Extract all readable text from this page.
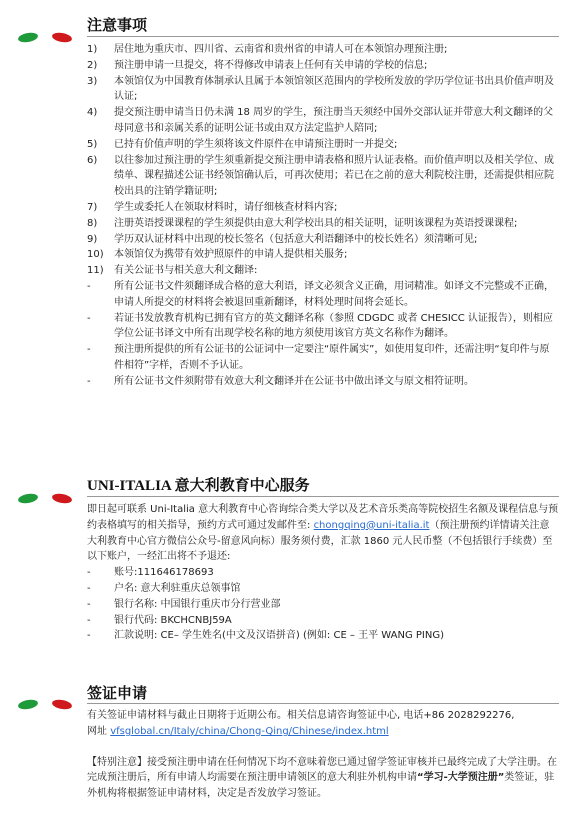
注意事项
1) 居住地为重庆市、四川省、云南省和贵州省的申请人可在本领馆办理预注册;
2) 预注册申请一旦提交，将不得修改申请表上任何有关申请的学校的信息;
3) 本领馆仅为中国教育体制承认且属于本领馆领区范围内的学校所发放的学历学位证书出具价值声明及认证;
4) 提交预注册申请当日仍未满 18 周岁的学生，预注册当天须经中国外交部认证并带意大利文翻译的父母同意书和亲属关系的证明公证书或由双方法定监护人陪同;
5) 已持有价值声明的学生须将该文件原件在申请预注册时一并提交;
6) 以往参加过预注册的学生须重新提交预注册申请表格和照片认证表格。而价值声明以及相关学位、成绩单、课程描述公证书经领馆确认后，可再次使用；若已在之前的意大利院校注册，还需提供相应院校出具的注销学籍证明;
7) 学生或委托人在领取材料时，请仔细核查材料内容;
8) 注册英语授课课程的学生须提供由意大利学校出具的相关证明，证明该课程为英语授课课程;
9) 学历双认证材料中出现的校长签名（包括意大利语翻译中的校长姓名）须清晰可见;
10) 本领馆仅为携带有效护照原件的申请人提供相关服务;
11) 有关公证书与相关意大利文翻译:
- 所有公证书文件须翻译成合格的意大利语，译文必须含义正确，用词精准。如译文不完整或不正确，申请人所提交的材料将会被退回重新翻译，材料处理时间将会延长。
- 若证书发放教育机构已拥有官方的英文翻译名称（参照 CDGDC 或者 CHESICC 认证报告），则相应学位公证书译文中所有出现学校名称的地方须使用该官方英文名称作为翻译。
- 预注册所提供的所有公证书的公证词中一定要注“原件属实”，如使用复印件，还需注明“复印件与原件相符”字样，否则不予认证。
- 所有公证书文件须附带有效意大利文翻译并在公证书中做出译文与原文相符证明。
UNI-ITALIA 意大利教育中心服务
即日起可联系 Uni-Italia 意大利教育中心咨询综合类大学以及艺术音乐类高等院校招生名额及课程信息与预约表格填写的相关指导，预约方式可通过发邮件至: chongqing@uni-italia.it（预注册预约详情请关注意大利教育中心官方微信公众号-留意风向标）服务须付费，汇款 1860 元人民币整（不包括银行手续费）至以下账户，一经汇出将不予退还:
- 账号:111646178693
- 户名: 意大利驻重庆总领事馆
- 银行名称: 中国银行重庆市分行营业部
- 银行代码: BKCHCNBJ59A
- 汇款说明: CE– 学生姓名(中文及汉语拼音) (例如: CE – 王平 WANG PING)
签证申请
有关签证申请材料与截止日期将于近期公布。相关信息请咨询签证中心, 电话+86 2028292276,
网址 vfsglobal.cn/Italy/china/Chong-Qing/Chinese/index.html
【特别注意】接受预注册申请在任何情况下均不意味着您已通过留学签证审核并已最终完成了大学注册。在完成预注册后，所有申请人均需要在预注册申请领区的意大利驻外机构申请“学习-大学预注册”类签证，驻外机构将根据签证申请材料，决定是否发放学习签证。
